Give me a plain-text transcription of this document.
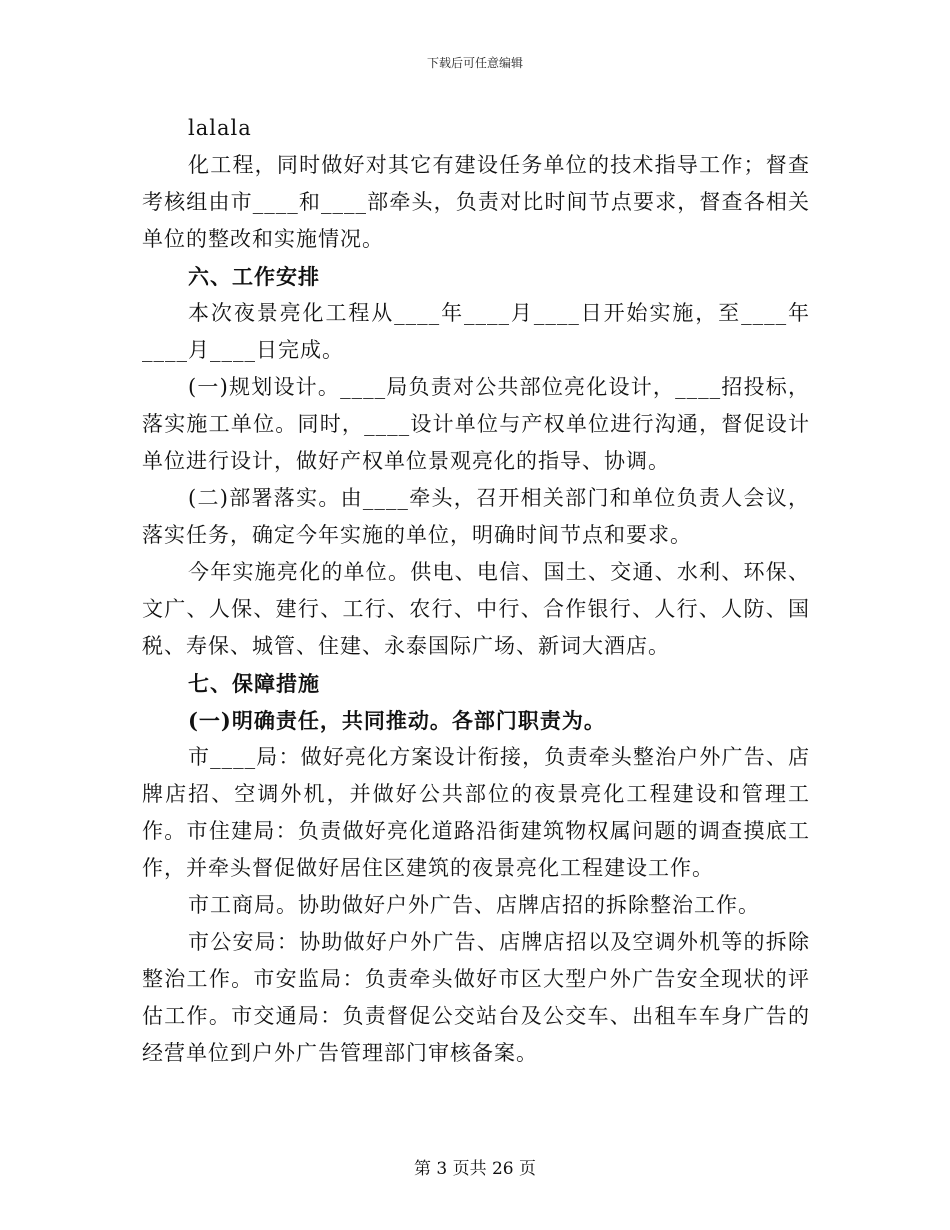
下载后可任意编辑

lalala

化工程，同时做好对其它有建设任务单位的技术指导工作；督查考核组由市____和____部牵头，负责对比时间节点要求，督查各相关单位的整改和实施情况。

六、工作安排

本次夜景亮化工程从____年____月____日开始实施，至____年____月____日完成。

(一)规划设计。____局负责对公共部位亮化设计，____招投标，落实施工单位。同时，____设计单位与产权单位进行沟通，督促设计单位进行设计，做好产权单位景观亮化的指导、协调。

(二)部署落实。由____牵头，召开相关部门和单位负责人会议，落实任务，确定今年实施的单位，明确时间节点和要求。

今年实施亮化的单位。供电、电信、国土、交通、水利、环保、文广、人保、建行、工行、农行、中行、合作银行、人行、人防、国税、寿保、城管、住建、永泰国际广场、新词大酒店。

七、保障措施

(一)明确责任，共同推动。各部门职责为。

市____局：做好亮化方案设计衔接，负责牵头整治户外广告、店牌店招、空调外机，并做好公共部位的夜景亮化工程建设和管理工作。市住建局：负责做好亮化道路沿街建筑物权属问题的调查摸底工作，并牵头督促做好居住区建筑的夜景亮化工程建设工作。

市工商局。协助做好户外广告、店牌店招的拆除整治工作。

市公安局：协助做好户外广告、店牌店招以及空调外机等的拆除整治工作。市安监局：负责牵头做好市区大型户外广告安全现状的评估工作。市交通局：负责督促公交站台及公交车、出租车车身广告的经营单位到户外广告管理部门审核备案。

第 3 页共 26 页
